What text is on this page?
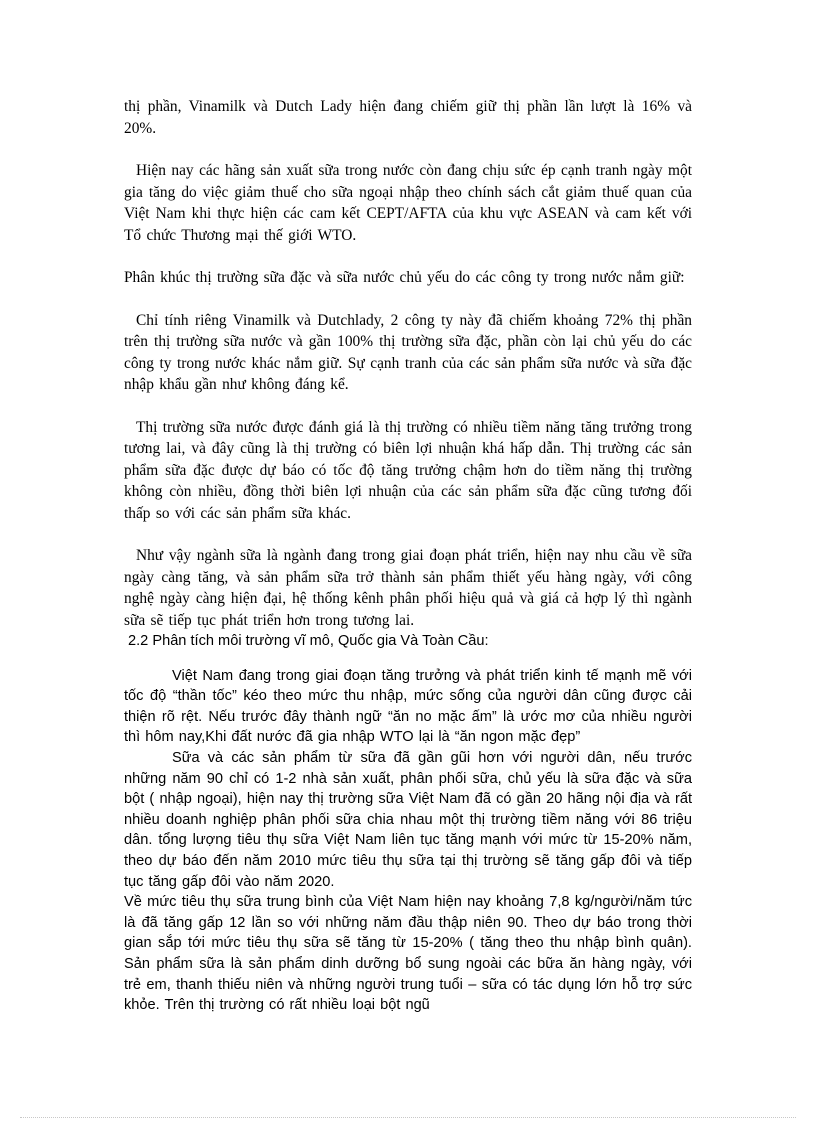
thị phần, Vinamilk và Dutch Lady hiện đang chiếm giữ thị phần lần lượt là 16% và 20%.

Hiện nay các hãng sản xuất sữa trong nước còn đang chịu sức ép cạnh tranh ngày một gia tăng do việc giảm thuế cho sữa ngoại nhập theo chính sách cắt giảm thuế quan của Việt Nam khi thực hiện các cam kết CEPT/AFTA của khu vực ASEAN và cam kết với Tổ chức Thương mại thế giới WTO.

Phân khúc thị trường sữa đặc và sữa nước chủ yếu do các công ty trong nước nắm giữ:

Chỉ tính riêng Vinamilk và Dutchlady, 2 công ty này đã chiếm khoảng 72% thị phần trên thị trường sữa nước và gần 100% thị trường sữa đặc, phần còn lại chủ yếu do các công ty trong nước khác nắm giữ. Sự cạnh tranh của các sản phẩm sữa nước và sữa đặc nhập khẩu gần như không đáng kể.

Thị trường sữa nước được đánh giá là thị trường có nhiều tiềm năng tăng trưởng trong tương lai, và đây cũng là thị trường có biên lợi nhuận khá hấp dẫn. Thị trường các sản phẩm sữa đặc được dự báo có tốc độ tăng trưởng chậm hơn do tiềm năng thị trường không còn nhiều, đồng thời biên lợi nhuận của các sản phẩm sữa đặc cũng tương đối thấp so với các sản phẩm sữa khác.

Như vậy ngành sữa là ngành đang trong giai đoạn phát triển, hiện nay nhu cầu về sữa ngày càng tăng, và sản phẩm sữa trở thành sản phẩm thiết yếu hàng ngày, với công nghệ ngày càng hiện đại, hệ thống kênh phân phối hiệu quả và giá cả hợp lý thì ngành sữa sẽ tiếp tục phát triển hơn trong tương lai.

2.2 Phân tích môi trường vĩ mô, Quốc gia Và Toàn Cầu:

Việt Nam đang trong giai đoạn tăng trưởng và phát triển kinh tế mạnh mẽ với tốc độ “thần tốc” kéo theo mức thu nhập, mức sống của người dân cũng được cải thiện rõ rệt. Nếu trước đây thành ngữ “ăn no mặc ấm” là ước mơ của nhiều người thì hôm nay,Khi đất nước đã gia nhập WTO lại là “ăn ngon mặc đẹp”

Sữa và các sản phẩm từ sữa đã gần gũi hơn với người dân, nếu trước những năm 90 chỉ có 1-2 nhà sản xuất, phân phối sữa, chủ yếu là sữa đặc và sữa bột ( nhập ngoại), hiện nay thị trường sữa Việt Nam đã có gần 20 hãng nội địa và rất nhiều doanh nghiệp phân phối sữa chia nhau một thị trường tiềm năng với 86 triệu dân. tổng lượng tiêu thụ sữa Việt Nam liên tục tăng mạnh với mức từ 15-20% năm, theo dự báo đến năm 2010 mức tiêu thụ sữa tại thị trường sẽ tăng gấp đôi và tiếp tục tăng gấp đôi vào năm 2020.

Về mức tiêu thụ sữa trung bình của Việt Nam hiện nay khoảng 7,8 kg/người/năm tức là đã tăng gấp 12 lần so với những năm đầu thập niên 90. Theo dự báo trong thời gian sắp tới mức tiêu thụ sữa sẽ tăng từ 15-20% ( tăng theo thu nhập bình quân). Sản phẩm sữa là sản phẩm dinh dưỡng bổ sung ngoài các bữa ăn hàng ngày, với trẻ em, thanh thiếu niên và những người trung tuổi – sữa có tác dụng lớn hỗ trợ sức khỏe. Trên thị trường có rất nhiều loại bột ngũ
